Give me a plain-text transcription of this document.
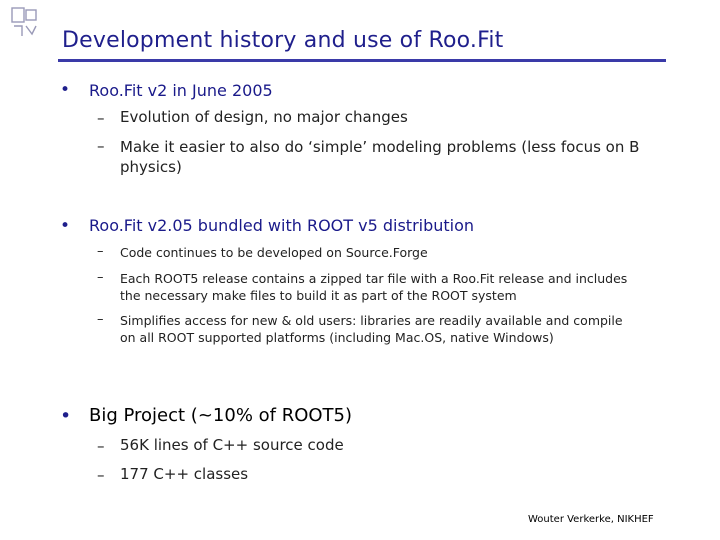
Development history and use of Roo.Fit
• Roo.Fit v2 in June 2005
– Evolution of design, no major changes
– Make it easier to also do ‘simple’ modeling problems (less focus on B physics)
• Roo.Fit v2.05 bundled with ROOT v5 distribution
– Code continues to be developed on Source.Forge
– Each ROOT5 release contains a zipped tar file with a Roo.Fit release and includes the necessary make files to build it as part of the ROOT system
– Simplifies access for new & old users: libraries are readily available and compile on all ROOT supported platforms (including Mac.OS, native Windows)
• Big Project (~10% of ROOT5)
– 56K lines of C++ source code
– 177 C++ classes
Wouter Verkerke, NIKHEF
